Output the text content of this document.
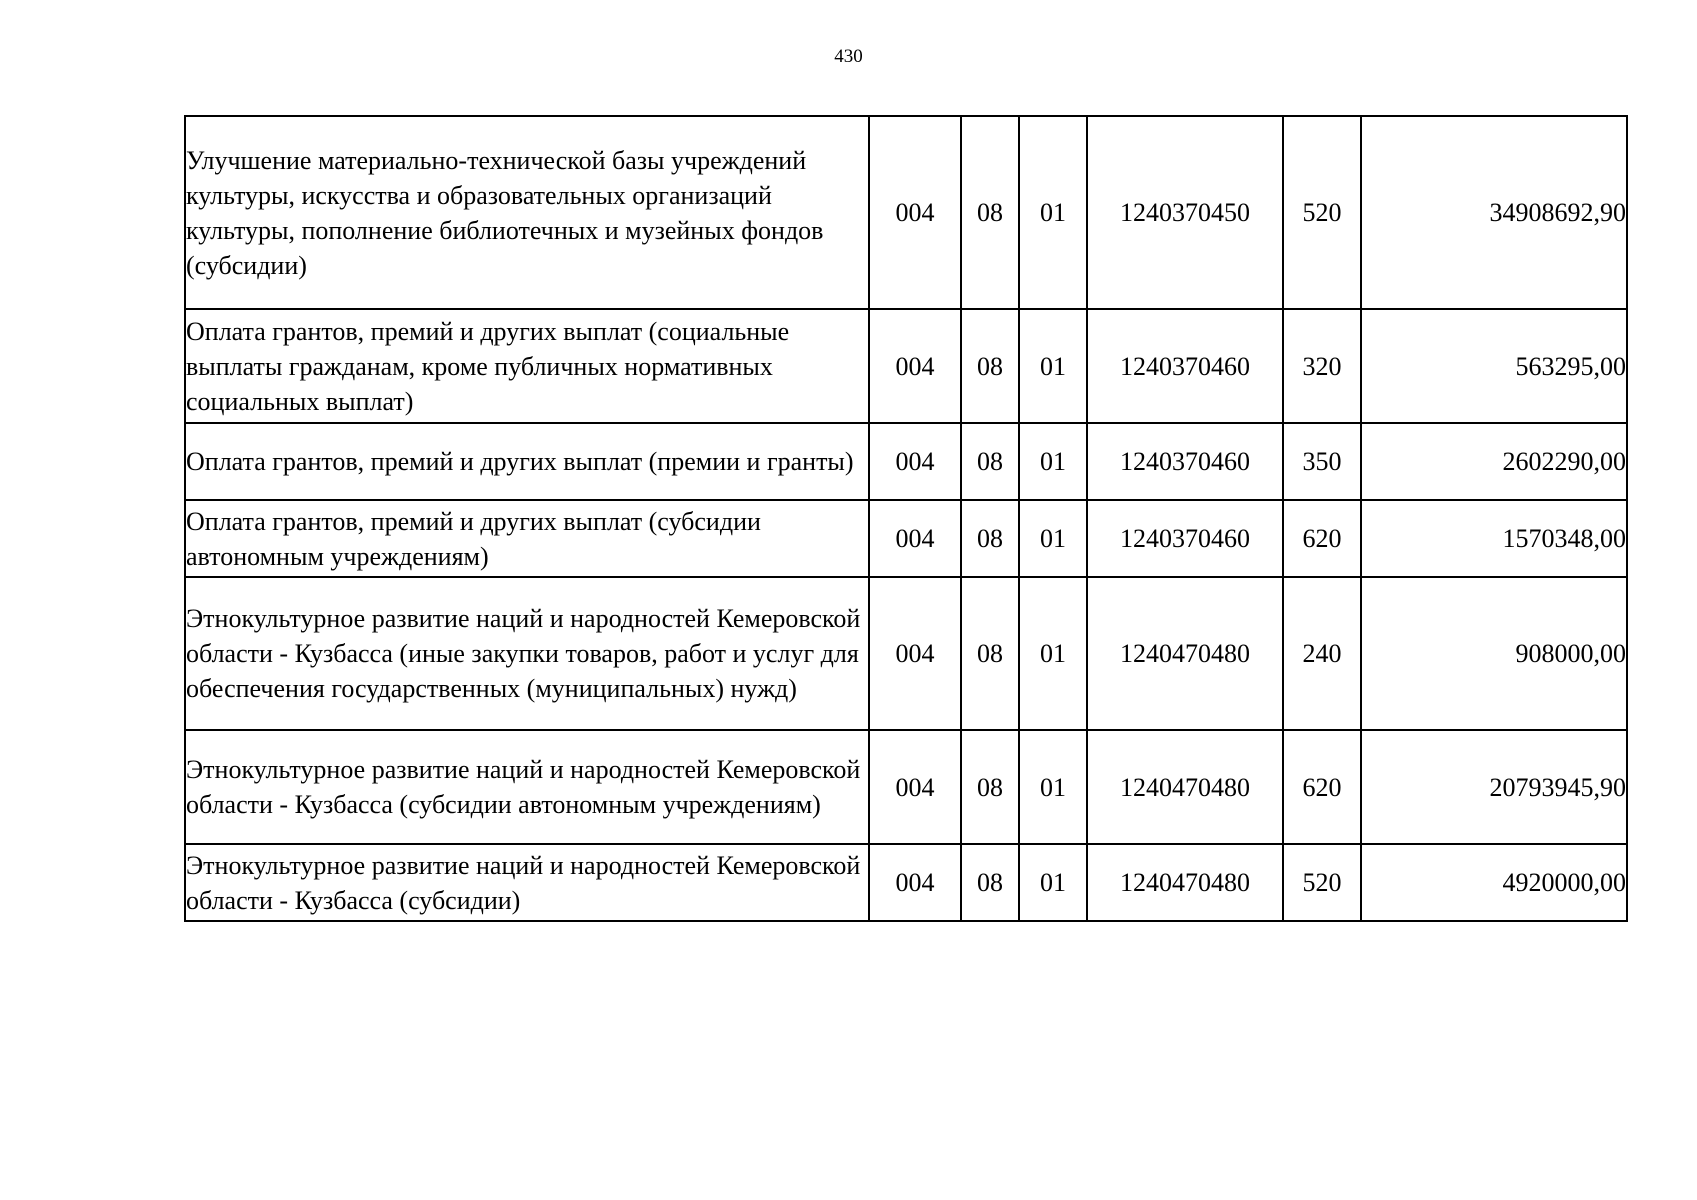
430
Улучшение материально-технической базы учреждений культуры, искусства и образовательных организаций культуры, пополнение библиотечных и музейных фондов (субсидии)	004	08	01	1240370450	520	34908692,90
Оплата грантов, премий и других выплат (социальные выплаты гражданам, кроме публичных нормативных социальных выплат)	004	08	01	1240370460	320	563295,00
Оплата грантов, премий и других выплат (премии и гранты)	004	08	01	1240370460	350	2602290,00
Оплата грантов, премий и других выплат (субсидии автономным учреждениям)	004	08	01	1240370460	620	1570348,00
Этнокультурное развитие наций и народностей Кемеровской области - Кузбасса (иные закупки товаров, работ и услуг для обеспечения государственных (муниципальных) нужд)	004	08	01	1240470480	240	908000,00
Этнокультурное развитие наций и народностей Кемеровской области - Кузбасса (субсидии автономным учреждениям)	004	08	01	1240470480	620	20793945,90
Этнокультурное развитие наций и народностей Кемеровской области - Кузбасса (субсидии)	004	08	01	1240470480	520	4920000,00
